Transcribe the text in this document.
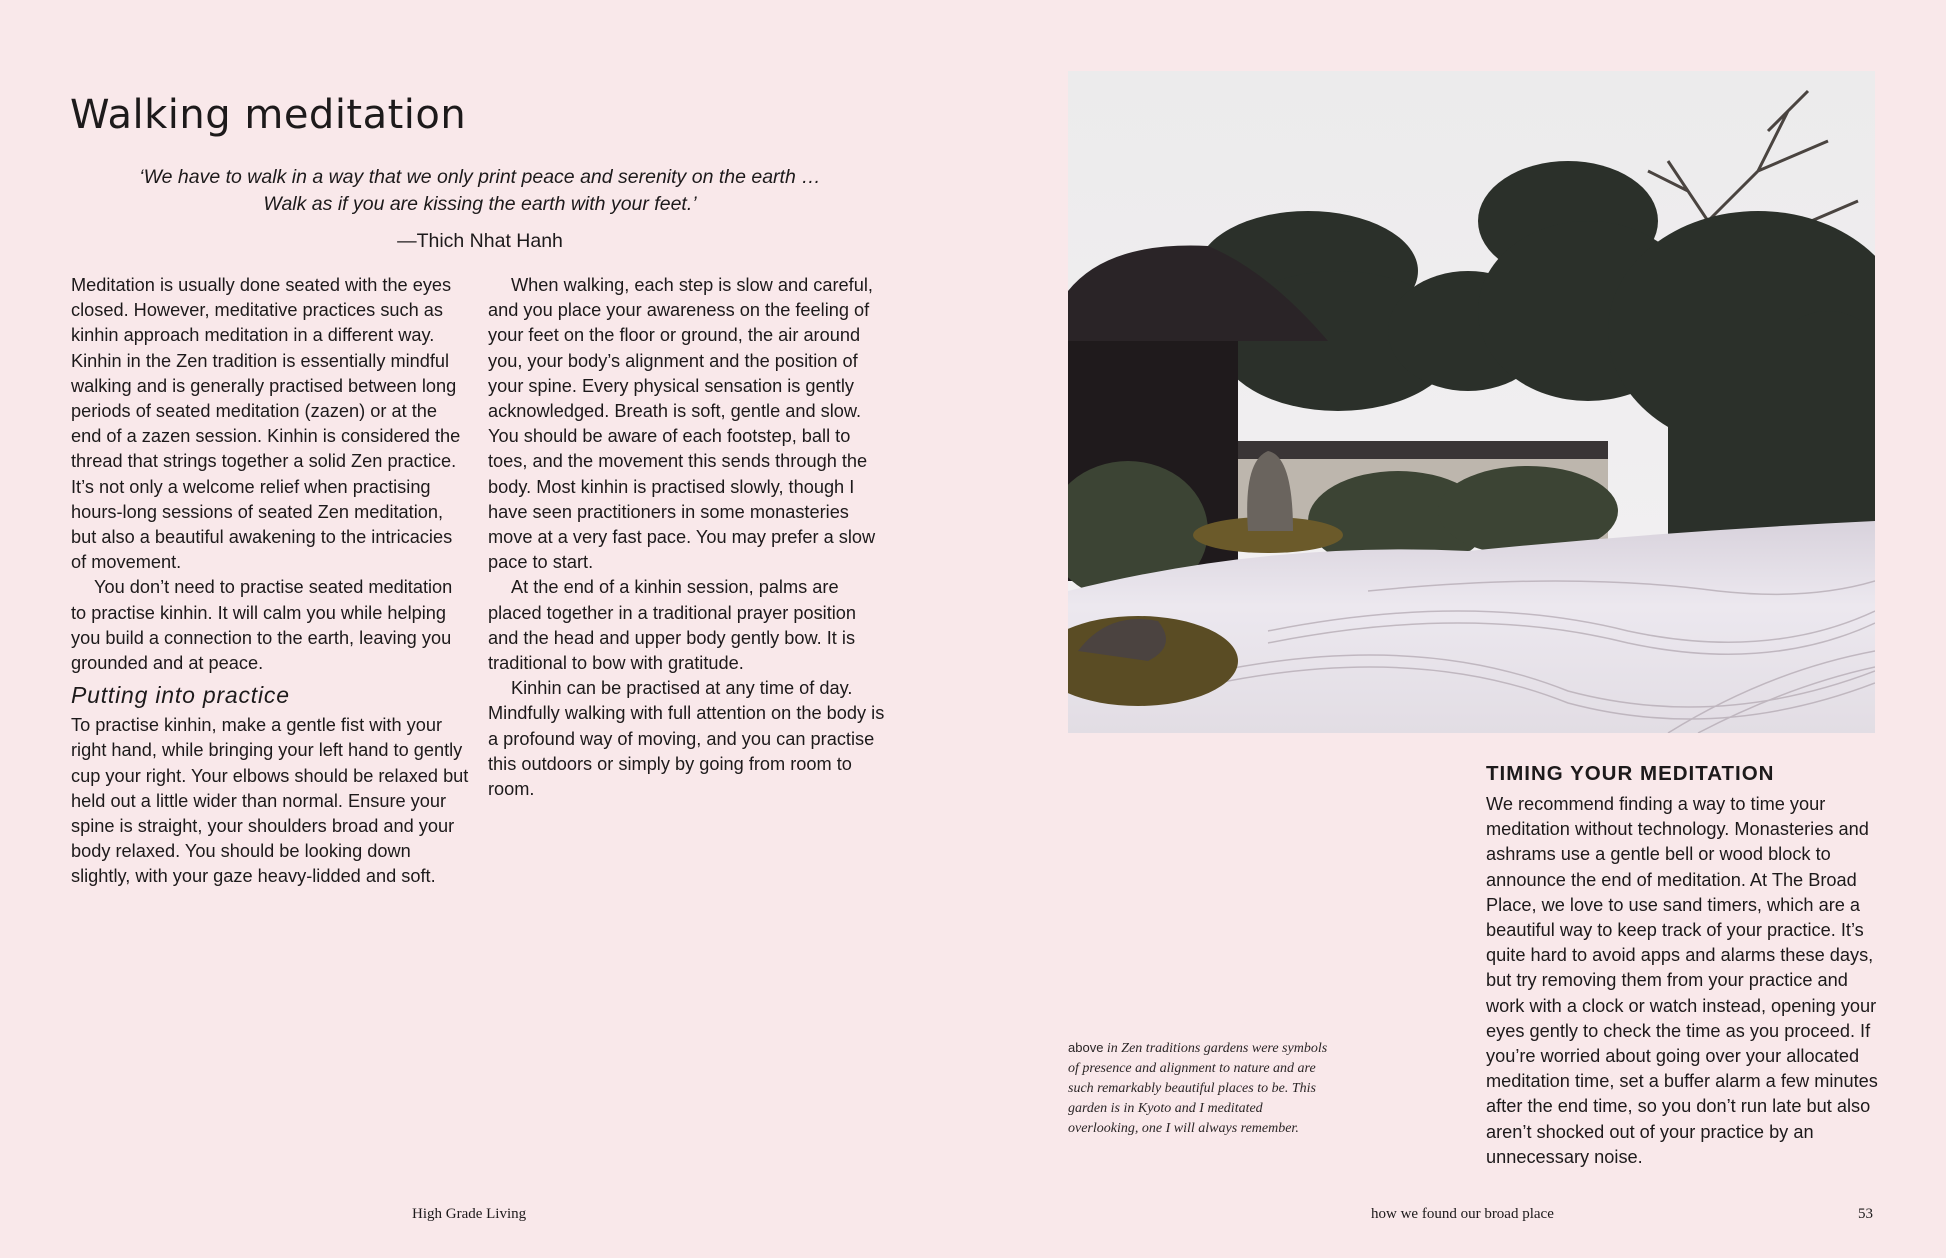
Walking meditation
‘We have to walk in a way that we only print peace and serenity on the earth … Walk as if you are kissing the earth with your feet.’
—Thich Nhat Hanh

Meditation is usually done seated with the eyes closed. However, meditative practices such as kinhin approach meditation in a different way. Kinhin in the Zen tradition is essentially mindful walking and is generally practised between long periods of seated meditation (zazen) or at the end of a zazen session. Kinhin is considered the thread that strings together a solid Zen practice. It’s not only a welcome relief when practising hours-long sessions of seated Zen meditation, but also a beautiful awakening to the intricacies of movement.

You don’t need to practise seated meditation to practise kinhin. It will calm you while helping you build a connection to the earth, leaving you grounded and at peace.

Putting into practice

To practise kinhin, make a gentle fist with your right hand, while bringing your left hand to gently cup your right. Your elbows should be relaxed but held out a little wider than normal. Ensure your spine is straight, your shoulders broad and your body relaxed. You should be looking down slightly, with your gaze heavy-lidded and soft.

When walking, each step is slow and careful, and you place your awareness on the feeling of your feet on the floor or ground, the air around you, your body’s alignment and the position of your spine. Every physical sensation is gently acknowledged. Breath is soft, gentle and slow. You should be aware of each footstep, ball to toes, and the movement this sends through the body. Most kinhin is practised slowly, though I have seen practitioners in some monasteries move at a very fast pace. You may prefer a slow pace to start.

At the end of a kinhin session, palms are placed together in a traditional prayer position and the head and upper body gently bow. It is traditional to bow with gratitude.

Kinhin can be practised at any time of day. Mindfully walking with full attention on the body is a profound way of moving, and you can practise this outdoors or simply by going from room to room.

above in Zen traditions gardens were symbols of presence and alignment to nature and are such remarkably beautiful places to be. This garden is in Kyoto and I meditated overlooking, one I will always remember.
TIMING YOUR MEDITATION
We recommend finding a way to time your meditation without technology. Monasteries and ashrams use a gentle bell or wood block to announce the end of meditation. At The Broad Place, we love to use sand timers, which are a beautiful way to keep track of your practice. It’s quite hard to avoid apps and alarms these days, but try removing them from your practice and work with a clock or watch instead, opening your eyes gently to check the time as you proceed. If you’re worried about going over your allocated meditation time, set a buffer alarm a few minutes after the end time, so you don’t run late but also aren’t shocked out of your practice by an unnecessary noise.
High Grade Living	how we found our broad place	53
